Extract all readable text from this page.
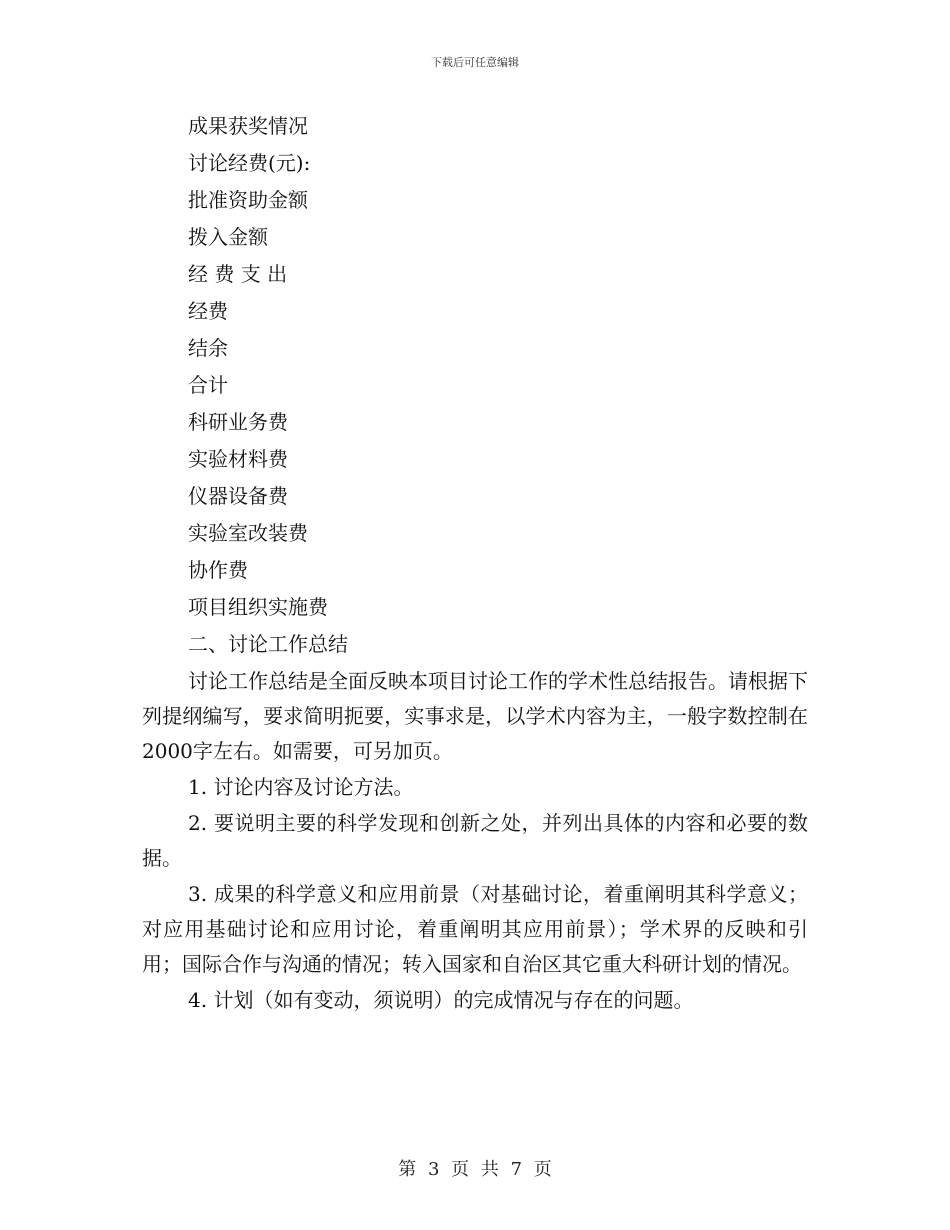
下载后可任意编辑
成果获奖情况
讨论经费(元):
批准资助金额
拨入金额
经 费 支 出
经费
结余
合计
科研业务费
实验材料费
仪器设备费
实验室改装费
协作费
项目组织实施费
二、讨论工作总结

讨论工作总结是全面反映本项目讨论工作的学术性总结报告。请根据下列提纲编写，要求简明扼要，实事求是，以学术内容为主，一般字数控制在2000字左右。如需要，可另加页。

1. 讨论内容及讨论方法。

2. 要说明主要的科学发现和创新之处，并列出具体的内容和必要的数据。

3. 成果的科学意义和应用前景（对基础讨论，着重阐明其科学意义；对应用基础讨论和应用讨论，着重阐明其应用前景）；学术界的反映和引用；国际合作与沟通的情况；转入国家和自治区其它重大科研计划的情况。

4. 计划（如有变动，须说明）的完成情况与存在的问题。

第 3 页 共 7 页
